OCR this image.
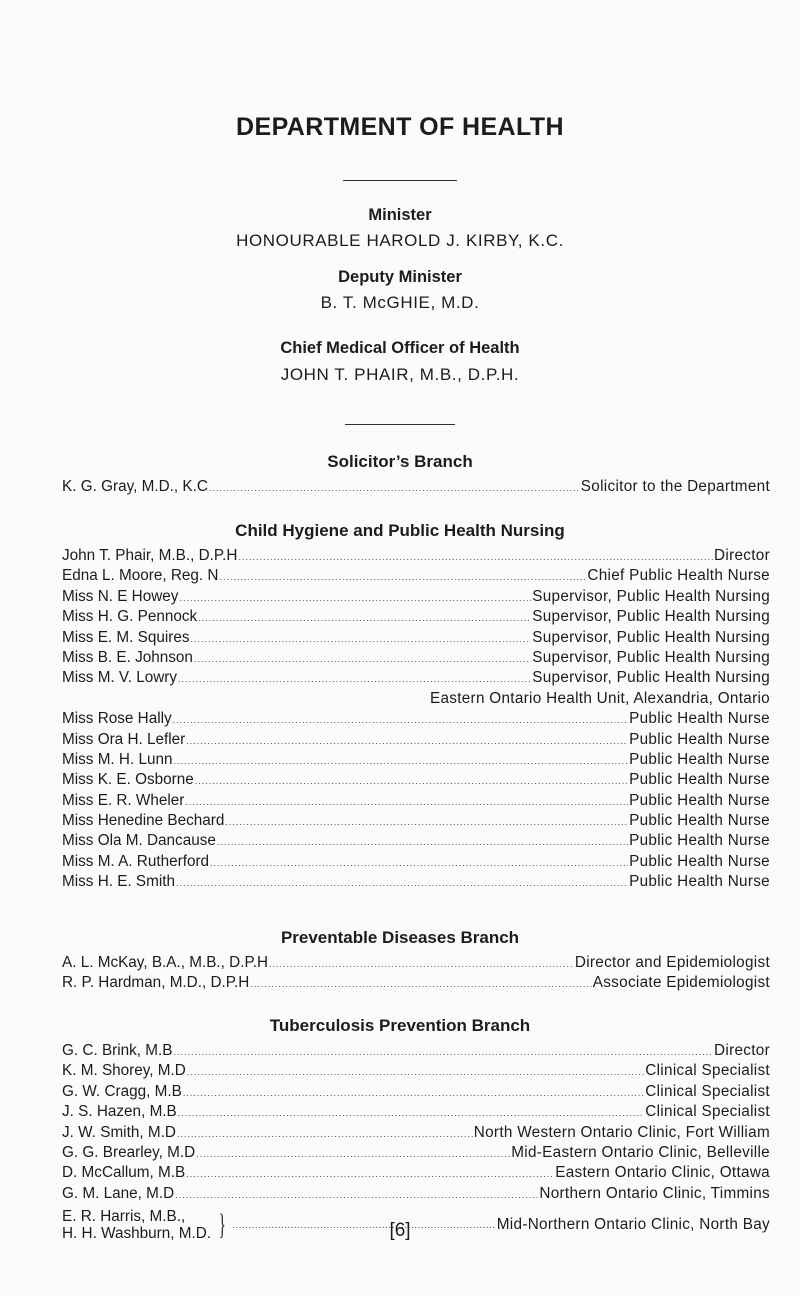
DEPARTMENT OF HEALTH
Minister
HONOURABLE HAROLD J. KIRBY, K.C.
Deputy Minister
B. T. McGHIE, M.D.
Chief Medical Officer of Health
JOHN T. PHAIR, M.B., D.P.H.
Solicitor’s Branch
K. G. Gray, M.D., K.C .....	Solicitor to the Department
Child Hygiene and Public Health Nursing
John T. Phair, M.B., D.P.H .....	Director
Edna L. Moore, Reg. N .....	Chief Public Health Nurse
Miss N. E Howey .....	Supervisor, Public Health Nursing
Miss H. G. Pennock .....	Supervisor, Public Health Nursing
Miss E. M. Squires .....	Supervisor, Public Health Nursing
Miss B. E. Johnson .....	Supervisor, Public Health Nursing
Miss M. V. Lowry .....	Supervisor, Public Health Nursing
Eastern Ontario Health Unit, Alexandria, Ontario
Miss Rose Hally .....	Public Health Nurse
Miss Ora H. Lefler .....	Public Health Nurse
Miss M. H. Lunn .....	Public Health Nurse
Miss K. E. Osborne .....	Public Health Nurse
Miss E. R. Wheler .....	Public Health Nurse
Miss Henedine Bechard .....	Public Health Nurse
Miss Ola M. Dancause .....	Public Health Nurse
Miss M. A. Rutherford .....	Public Health Nurse
Miss H. E. Smith .....	Public Health Nurse
Preventable Diseases Branch
A. L. McKay, B.A., M.B., D.P.H .....	Director and Epidemiologist
R. P. Hardman, M.D., D.P.H .....	Associate Epidemiologist
Tuberculosis Prevention Branch
G. C. Brink, M.B .....	Director
K. M. Shorey, M.D .....	Clinical Specialist
G. W. Cragg, M.B .....	Clinical Specialist
J. S. Hazen, M.B .....	Clinical Specialist
J. W. Smith, M.D .....	North Western Ontario Clinic, Fort William
G. G. Brearley, M.D .....	Mid-Eastern Ontario Clinic, Belleville
D. McCallum, M.B .....	Eastern Ontario Clinic, Ottawa
G. M. Lane, M.D .....	Northern Ontario Clinic, Timmins
E. R. Harris, M.B.,
H. H. Washburn, M.D. } .....	Mid-Northern Ontario Clinic, North Bay
[6]
